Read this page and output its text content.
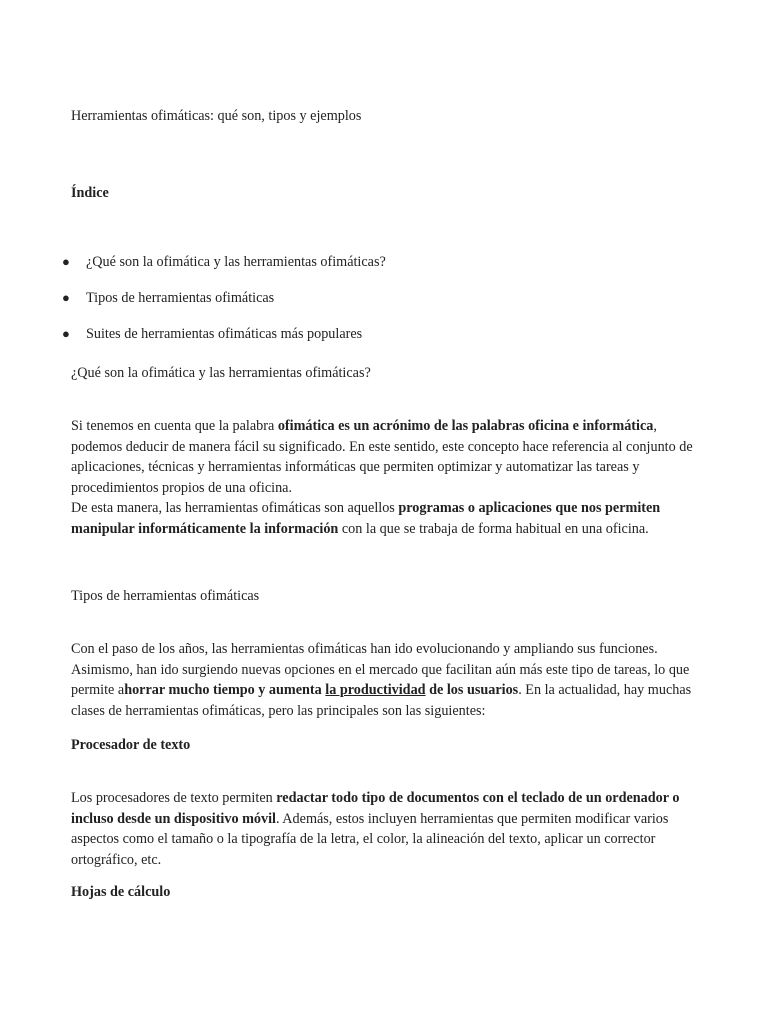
Herramientas ofimáticas: qué son, tipos y ejemplos
Índice
● ¿Qué son la ofimática y las herramientas ofimáticas?
● Tipos de herramientas ofimáticas
● Suites de herramientas ofimáticas más populares
¿Qué son la ofimática y las herramientas ofimáticas?

Si tenemos en cuenta que la palabra ofimática es un acrónimo de las palabras oficina e informática, podemos deducir de manera fácil su significado. En este sentido, este concepto hace referencia al conjunto de aplicaciones, técnicas y herramientas informáticas que permiten optimizar y automatizar las tareas y procedimientos propios de una oficina.
De esta manera, las herramientas ofimáticas son aquellos programas o aplicaciones que nos permiten manipular informáticamente la información con la que se trabaja de forma habitual en una oficina.

Tipos de herramientas ofimáticas

Con el paso de los años, las herramientas ofimáticas han ido evolucionando y ampliando sus funciones. Asimismo, han ido surgiendo nuevas opciones en el mercado que facilitan aún más este tipo de tareas, lo que permite ahorrar mucho tiempo y aumenta la productividad de los usuarios. En la actualidad, hay muchas clases de herramientas ofimáticas, pero las principales son las siguientes:

Procesador de texto

Los procesadores de texto permiten redactar todo tipo de documentos con el teclado de un ordenador o incluso desde un dispositivo móvil. Además, estos incluyen herramientas que permiten modificar varios aspectos como el tamaño o la tipografía de la letra, el color, la alineación del texto, aplicar un corrector ortográfico, etc.

Hojas de cálculo
